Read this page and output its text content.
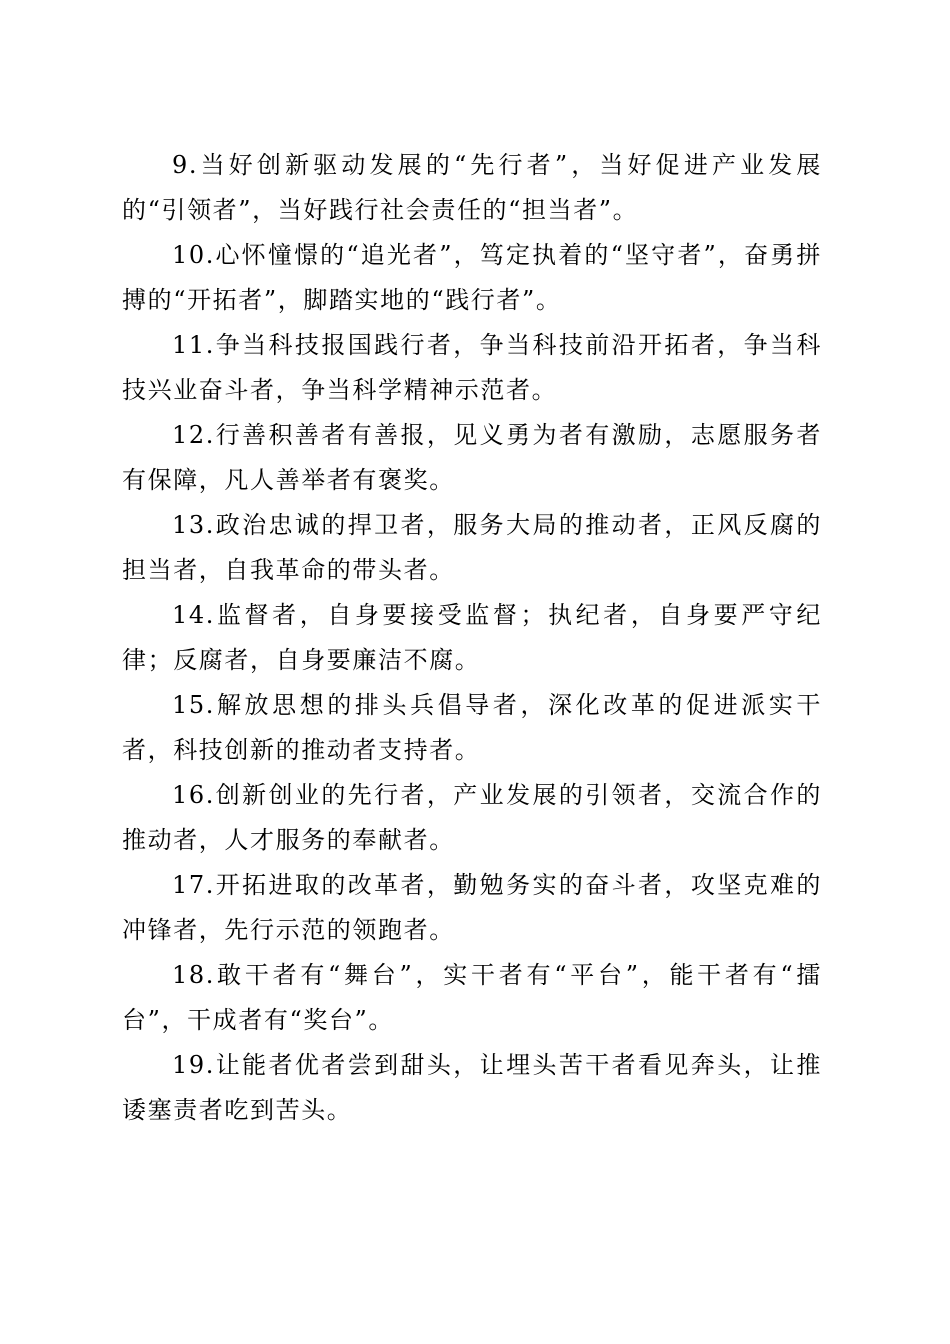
9.当好创新驱动发展的“先行者”，当好促进产业发展的“引领者”，当好践行社会责任的“担当者”。

10.心怀憧憬的“追光者”，笃定执着的“坚守者”，奋勇拼搏的“开拓者”，脚踏实地的“践行者”。

11.争当科技报国践行者，争当科技前沿开拓者，争当科技兴业奋斗者，争当科学精神示范者。

12.行善积善者有善报，见义勇为者有激励，志愿服务者有保障，凡人善举者有褒奖。

13.政治忠诚的捍卫者，服务大局的推动者，正风反腐的担当者，自我革命的带头者。

14.监督者，自身要接受监督；执纪者，自身要严守纪律；反腐者，自身要廉洁不腐。

15.解放思想的排头兵倡导者，深化改革的促进派实干者，科技创新的推动者支持者。

16.创新创业的先行者，产业发展的引领者，交流合作的推动者，人才服务的奉献者。

17.开拓进取的改革者，勤勉务实的奋斗者，攻坚克难的冲锋者，先行示范的领跑者。

18.敢干者有“舞台”，实干者有“平台”，能干者有“擂台”，干成者有“奖台”。

19.让能者优者尝到甜头，让埋头苦干者看见奔头，让推诿塞责者吃到苦头。
